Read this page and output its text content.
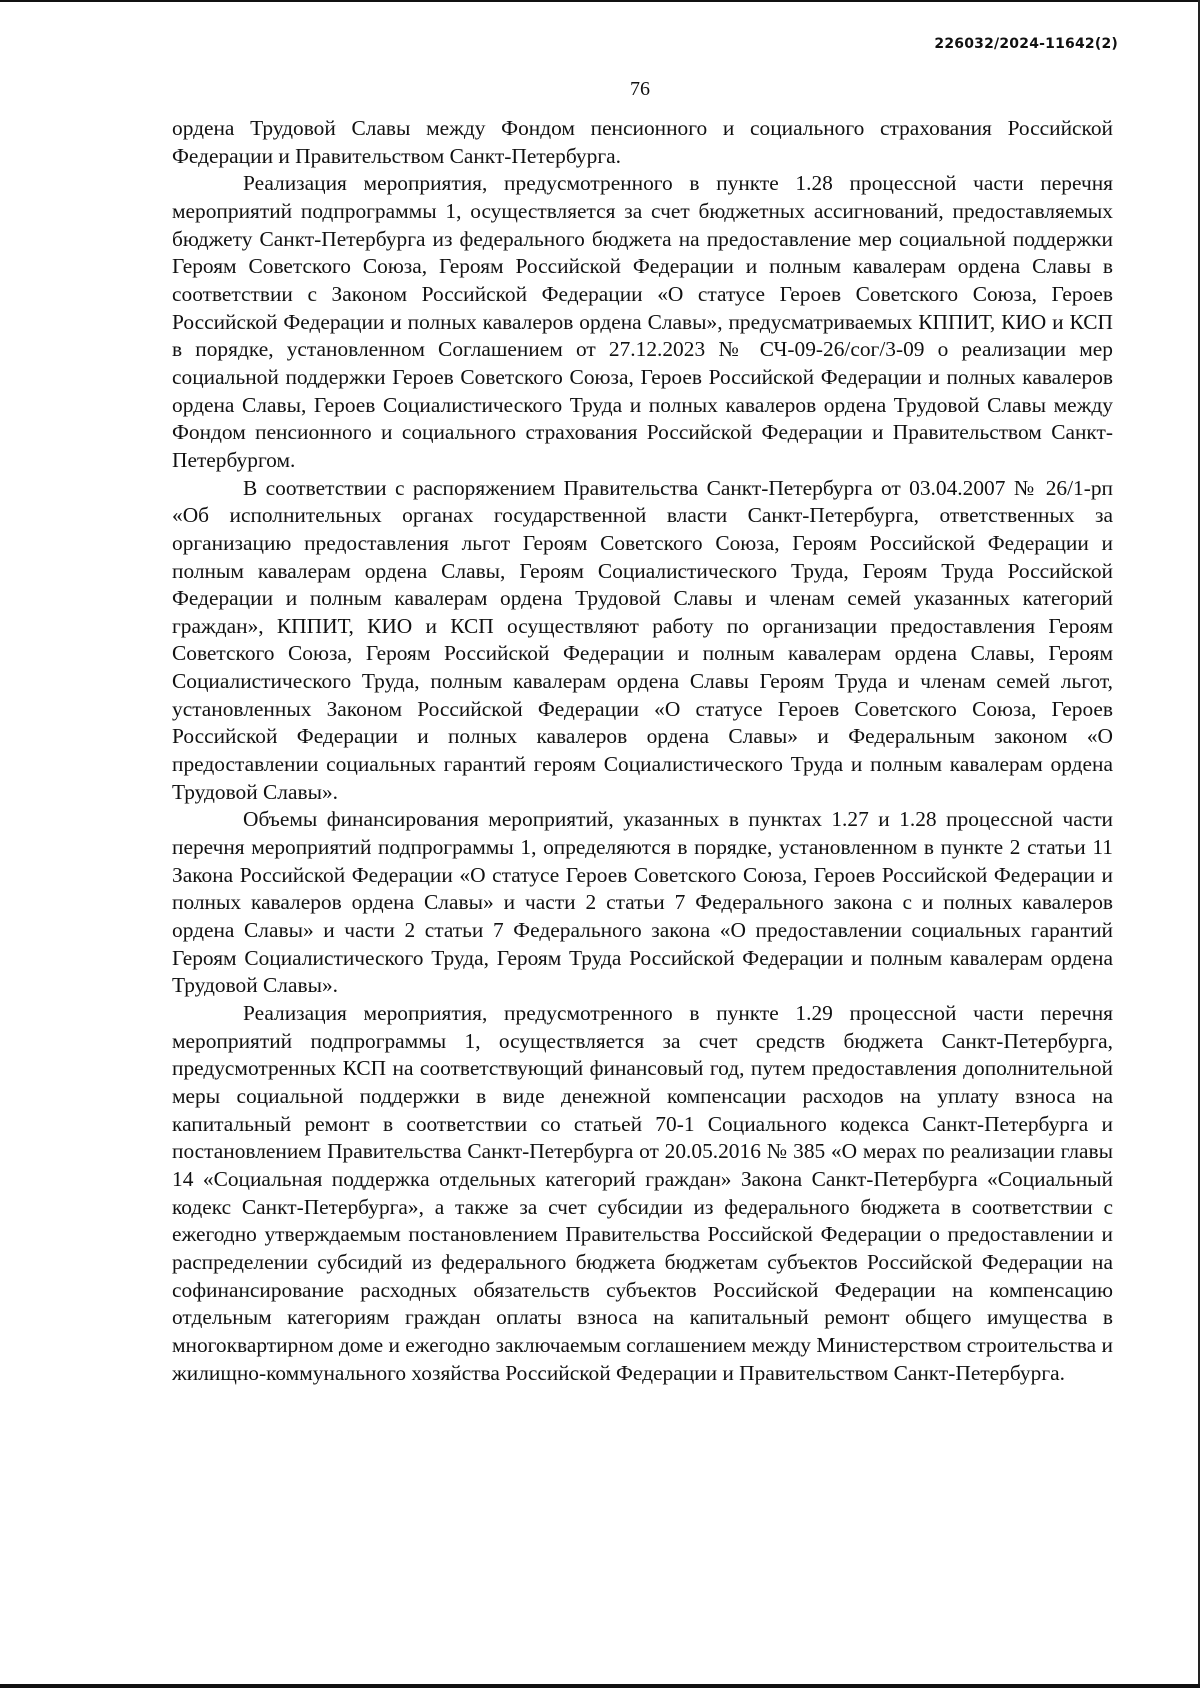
226032/2024-11642(2)
76

ордена Трудовой Славы между Фондом пенсионного и социального страхования Российской Федерации и Правительством Санкт-Петербурга.

Реализация мероприятия, предусмотренного в пункте 1.28 процессной части перечня мероприятий подпрограммы 1, осуществляется за счет бюджетных ассигнований, предоставляемых бюджету Санкт-Петербурга из федерального бюджета на предоставление мер социальной поддержки Героям Советского Союза, Героям Российской Федерации и полным кавалерам ордена Славы в соответствии с Законом Российской Федерации «О статусе Героев Советского Союза, Героев Российской Федерации и полных кавалеров ордена Славы», предусматриваемых КППИТ, КИО и КСП в порядке, установленном Соглашением от 27.12.2023 № СЧ-09-26/сог/3-09 о реализации мер социальной поддержки Героев Советского Союза, Героев Российской Федерации и полных кавалеров ордена Славы, Героев Социалистического Труда и полных кавалеров ордена Трудовой Славы между Фондом пенсионного и социального страхования Российской Федерации и Правительством Санкт-Петербургом.

В соответствии с распоряжением Правительства Санкт-Петербурга от 03.04.2007 № 26/1-рп «Об исполнительных органах государственной власти Санкт-Петербурга, ответственных за организацию предоставления льгот Героям Советского Союза, Героям Российской Федерации и полным кавалерам ордена Славы, Героям Социалистического Труда, Героям Труда Российской Федерации и полным кавалерам ордена Трудовой Славы и членам семей указанных категорий граждан», КППИТ, КИО и КСП осуществляют работу по организации предоставления Героям Советского Союза, Героям Российской Федерации и полным кавалерам ордена Славы, Героям Социалистического Труда, полным кавалерам ордена Славы Героям Труда и членам семей льгот, установленных Законом Российской Федерации «О статусе Героев Советского Союза, Героев Российской Федерации и полных кавалеров ордена Славы» и Федеральным законом «О предоставлении социальных гарантий героям Социалистического Труда и полным кавалерам ордена Трудовой Славы».

Объемы финансирования мероприятий, указанных в пунктах 1.27 и 1.28 процессной части перечня мероприятий подпрограммы 1, определяются в порядке, установленном в пункте 2 статьи 11 Закона Российской Федерации «О статусе Героев Советского Союза, Героев Российской Федерации и полных кавалеров ордена Славы» и части 2 статьи 7 Федерального закона с и полных кавалеров ордена Славы» и части 2 статьи 7 Федерального закона «О предоставлении социальных гарантий Героям Социалистического Труда, Героям Труда Российской Федерации и полным кавалерам ордена Трудовой Славы».

Реализация мероприятия, предусмотренного в пункте 1.29 процессной части перечня мероприятий подпрограммы 1, осуществляется за счет средств бюджета Санкт-Петербурга, предусмотренных КСП на соответствующий финансовый год, путем предоставления дополнительной меры социальной поддержки в виде денежной компенсации расходов на уплату взноса на капитальный ремонт в соответствии со статьей 70-1 Социального кодекса Санкт-Петербурга и постановлением Правительства Санкт-Петербурга от 20.05.2016 № 385 «О мерах по реализации главы 14 «Социальная поддержка отдельных категорий граждан» Закона Санкт-Петербурга «Социальный кодекс Санкт-Петербурга», а также за счет субсидии из федерального бюджета в соответствии с ежегодно утверждаемым постановлением Правительства Российской Федерации о предоставлении и распределении субсидий из федерального бюджета бюджетам субъектов Российской Федерации на софинансирование расходных обязательств субъектов Российской Федерации на компенсацию отдельным категориям граждан оплаты взноса на капитальный ремонт общего имущества в многоквартирном доме и ежегодно заключаемым соглашением между Министерством строительства и жилищно-коммунального хозяйства Российской Федерации и Правительством Санкт-Петербурга.
